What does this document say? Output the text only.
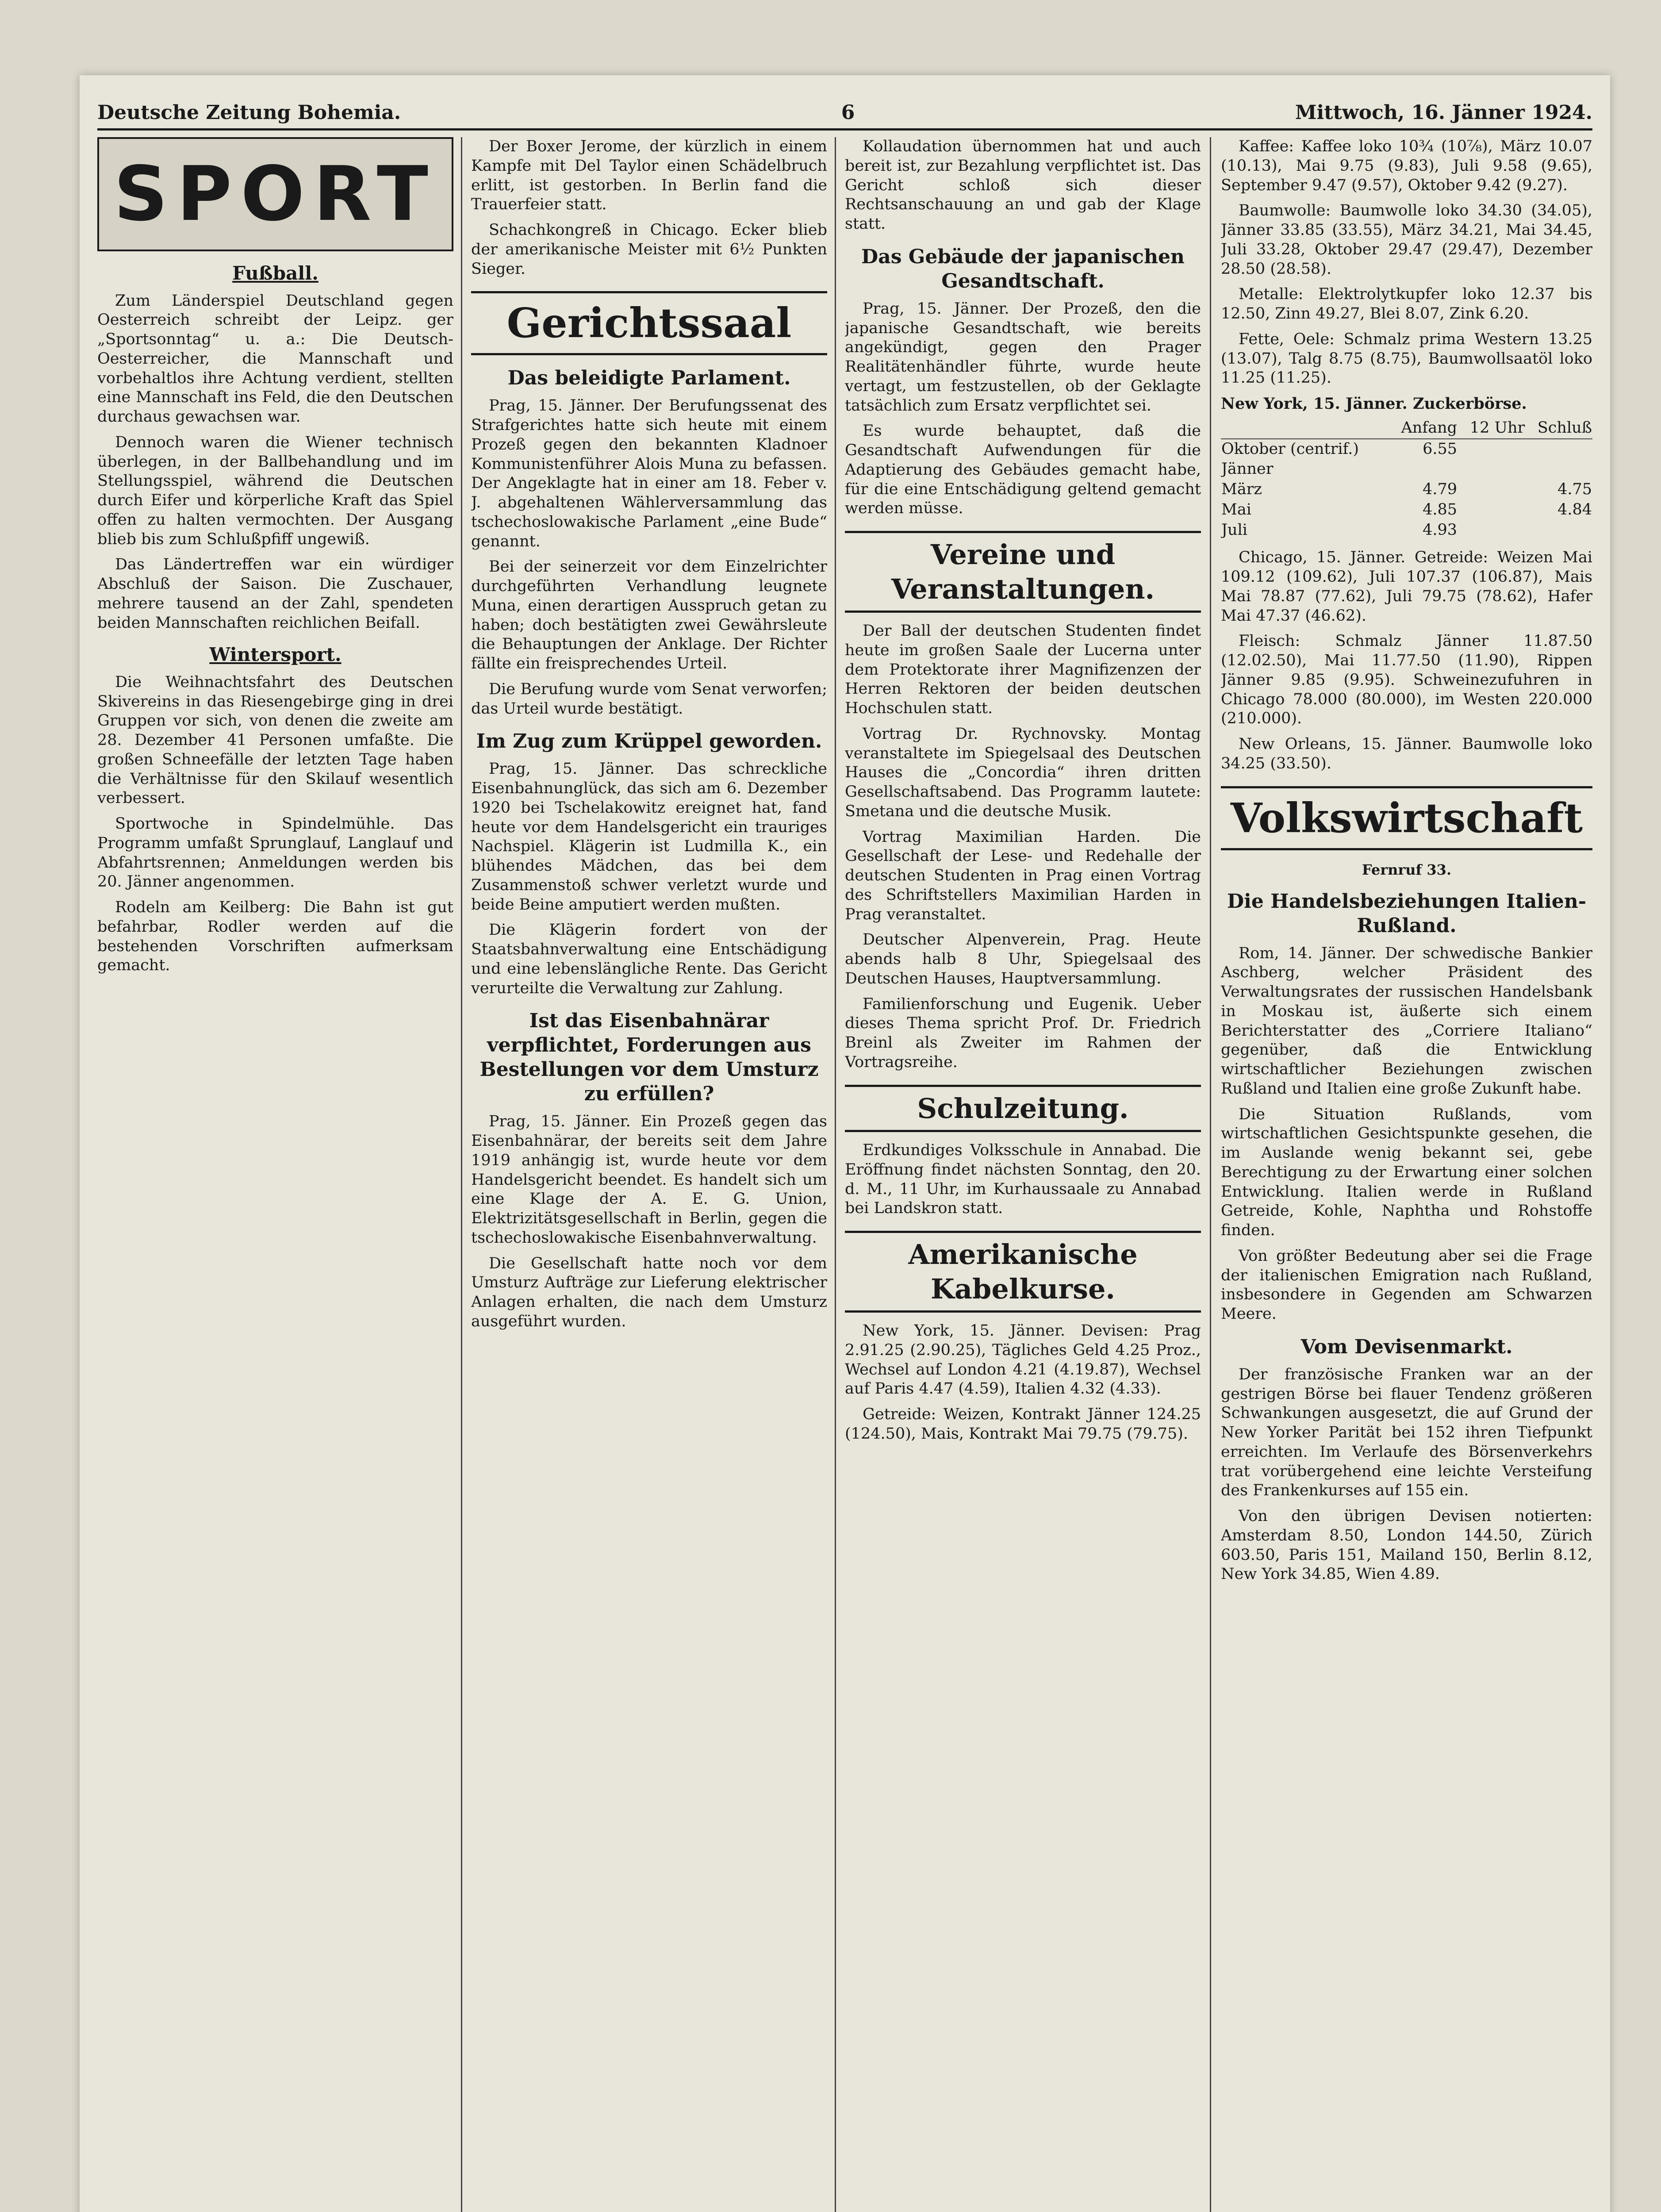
Deutsche Zeitung Bohemia.	6	Mittwoch, 16. Jänner 1924.
SPORT
Fußball.

Zum Länderspiel Deutschland gegen Oesterreich schreibt der Leipz. ger „Sportsonntag“ u. a.: Die Deutsch-Oesterreicher, die Mannschaft und vorbehaltlos ihre Achtung verdient, stellten eine Mannschaft ins Feld, die den Deutschen durchaus gewachsen war.

Dennoch waren die Wiener technisch überlegen, in der Ballbehandlung und im Stellungsspiel, während die Deutschen durch Eifer und körperliche Kraft das Spiel offen zu halten vermochten. Der Ausgang blieb bis zum Schlußpfiff ungewiß.

Das Ländertreffen war ein würdiger Abschluß der Saison. Die Zuschauer, mehrere tausend an der Zahl, spendeten beiden Mannschaften reichlichen Beifall.

Wintersport.

Die Weihnachtsfahrt des Deutschen Skivereins in das Riesengebirge ging in drei Gruppen vor sich, von denen die zweite am 28. Dezember 41 Personen umfaßte. Die großen Schneefälle der letzten Tage haben die Verhältnisse für den Skilauf wesentlich verbessert.

Sportwoche in Spindelmühle. Das Programm umfaßt Sprunglauf, Langlauf und Abfahrtsrennen; Anmeldungen werden bis 20. Jänner angenommen.

Rodeln am Keilberg: Die Bahn ist gut befahrbar, Rodler werden auf die bestehenden Vorschriften aufmerksam gemacht.

Der Boxer Jerome, der kürzlich in einem Kampfe mit Del Taylor einen Schädelbruch erlitt, ist gestorben. In Berlin fand die Trauerfeier statt.

Schachkongreß in Chicago. Ecker blieb der amerikanische Meister mit 6½ Punkten Sieger.

Gerichtssaal
Das beleidigte Parlament.

Prag, 15. Jänner. Der Berufungssenat des Strafgerichtes hatte sich heute mit einem Prozeß gegen den bekannten Kladnoer Kommunistenführer Alois Muna zu befassen. Der Angeklagte hat in einer am 18. Feber v. J. abgehaltenen Wählerversammlung das tschechoslowakische Parlament „eine Bude“ genannt.

Bei der seinerzeit vor dem Einzelrichter durchgeführten Verhandlung leugnete Muna, einen derartigen Ausspruch getan zu haben; doch bestätigten zwei Gewährsleute die Behauptungen der Anklage. Der Richter fällte ein freisprechendes Urteil.

Die Berufung wurde vom Senat verworfen; das Urteil wurde bestätigt.

Im Zug zum Krüppel geworden.

Prag, 15. Jänner. Das schreckliche Eisenbahnunglück, das sich am 6. Dezember 1920 bei Tschelakowitz ereignet hat, fand heute vor dem Handelsgericht ein trauriges Nachspiel. Klägerin ist Ludmilla K., ein blühendes Mädchen, das bei dem Zusammenstoß schwer verletzt wurde und beide Beine amputiert werden mußten.

Die Klägerin fordert von der Staatsbahnverwaltung eine Entschädigung und eine lebenslängliche Rente. Das Gericht verurteilte die Verwaltung zur Zahlung.

Ist das Eisenbahnärar verpflichtet, Forderungen aus Bestellungen vor dem Umsturz zu erfüllen?

Prag, 15. Jänner. Ein Prozeß gegen das Eisenbahnärar, der bereits seit dem Jahre 1919 anhängig ist, wurde heute vor dem Handelsgericht beendet. Es handelt sich um eine Klage der A. E. G. Union, Elektrizitätsgesellschaft in Berlin, gegen die tschechoslowakische Eisenbahnverwaltung.

Die Gesellschaft hatte noch vor dem Umsturz Aufträge zur Lieferung elektrischer Anlagen erhalten, die nach dem Umsturz ausgeführt wurden.

Kollaudation übernommen hat und auch bereit ist, zur Bezahlung verpflichtet ist. Das Gericht schloß sich dieser Rechtsanschauung an und gab der Klage statt.

Das Gebäude der japanischen Gesandtschaft.

Prag, 15. Jänner. Der Prozeß, den die japanische Gesandtschaft, wie bereits angekündigt, gegen den Prager Realitätenhändler führte, wurde heute vertagt, um festzustellen, ob der Geklagte tatsächlich zum Ersatz verpflichtet sei.

Es wurde behauptet, daß die Gesandtschaft Aufwendungen für die Adaptierung des Gebäudes gemacht habe, für die eine Entschädigung geltend gemacht werden müsse.

Vereine und Veranstaltungen.

Der Ball der deutschen Studenten findet heute im großen Saale der Lucerna unter dem Protektorate ihrer Magnifizenzen der Herren Rektoren der beiden deutschen Hochschulen statt.

Vortrag Dr. Rychnovsky. Montag veranstaltete im Spiegelsaal des Deutschen Hauses die „Concordia“ ihren dritten Gesellschaftsabend. Das Programm lautete: Smetana und die deutsche Musik.

Vortrag Maximilian Harden. Die Gesellschaft der Lese- und Redehalle der deutschen Studenten in Prag einen Vortrag des Schriftstellers Maximilian Harden in Prag veranstaltet.

Deutscher Alpenverein, Prag. Heute abends halb 8 Uhr, Spiegelsaal des Deutschen Hauses, Hauptversammlung.

Familienforschung und Eugenik. Ueber dieses Thema spricht Prof. Dr. Friedrich Breinl als Zweiter im Rahmen der Vortragsreihe.

Schulzeitung.

Erdkundiges Volksschule in Annabad. Die Eröffnung findet nächsten Sonntag, den 20. d. M., 11 Uhr, im Kurhaussaale zu Annabad bei Landskron statt.

Amerikanische Kabelkurse.

New York, 15. Jänner. Devisen: Prag 2.91.25 (2.90.25), Tägliches Geld 4.25 Proz., Wechsel auf London 4.21 (4.19.87), Wechsel auf Paris 4.47 (4.59), Italien 4.32 (4.33).

Getreide: Weizen, Kontrakt Jänner 124.25 (124.50), Mais, Kontrakt Mai 79.75 (79.75).

Kaffee: Kaffee loko 10¾ (10⅞), März 10.07 (10.13), Mai 9.75 (9.83), Juli 9.58 (9.65), September 9.47 (9.57), Oktober 9.42 (9.27).

Baumwolle: Baumwolle loko 34.30 (34.05), Jänner 33.85 (33.55), März 34.21, Mai 34.45, Juli 33.28, Oktober 29.47 (29.47), Dezember 28.50 (28.58).

Metalle: Elektrolytkupfer loko 12.37 bis 12.50, Zinn 49.27, Blei 8.07, Zink 6.20.

Fette, Oele: Schmalz prima Western 13.25 (13.07), Talg 8.75 (8.75), Baumwollsaatöl loko 11.25 (11.25).

New York, 15. Jänner. Zuckerbörse.
	Anfang	12 Uhr	Schluß
Oktober (centrif.)	6.55		
Jänner			
März	4.79		4.75
Mai	4.85		4.84
Juli	4.93		

Chicago, 15. Jänner. Getreide: Weizen Mai 109.12 (109.62), Juli 107.37 (106.87), Mais Mai 78.87 (77.62), Juli 79.75 (78.62), Hafer Mai 47.37 (46.62).

Fleisch: Schmalz Jänner 11.87.50 (12.02.50), Mai 11.77.50 (11.90), Rippen Jänner 9.85 (9.95). Schweinezufuhren in Chicago 78.000 (80.000), im Westen 220.000 (210.000).

New Orleans, 15. Jänner. Baumwolle loko 34.25 (33.50).

Volkswirtschaft
Fernruf 33.
Die Handelsbeziehungen Italien-Rußland.

Rom, 14. Jänner. Der schwedische Bankier Aschberg, welcher Präsident des Verwaltungsrates der russischen Handelsbank in Moskau ist, äußerte sich einem Berichterstatter des „Corriere Italiano“ gegenüber, daß die Entwicklung wirtschaftlicher Beziehungen zwischen Rußland und Italien eine große Zukunft habe.

Die Situation Rußlands, vom wirtschaftlichen Gesichtspunkte gesehen, die im Auslande wenig bekannt sei, gebe Berechtigung zu der Erwartung einer solchen Entwicklung. Italien werde in Rußland Getreide, Kohle, Naphtha und Rohstoffe finden.

Von größter Bedeutung aber sei die Frage der italienischen Emigration nach Rußland, insbesondere in Gegenden am Schwarzen Meere.

Vom Devisenmarkt.

Der französische Franken war an der gestrigen Börse bei flauer Tendenz größeren Schwankungen ausgesetzt, die auf Grund der New Yorker Parität bei 152 ihren Tiefpunkt erreichten. Im Verlaufe des Börsenverkehrs trat vorübergehend eine leichte Versteifung des Frankenkurses auf 155 ein.

Von den übrigen Devisen notierten: Amsterdam 8.50, London 144.50, Zürich 603.50, Paris 151, Mailand 150, Berlin 8.12, New York 34.85, Wien 4.89.
